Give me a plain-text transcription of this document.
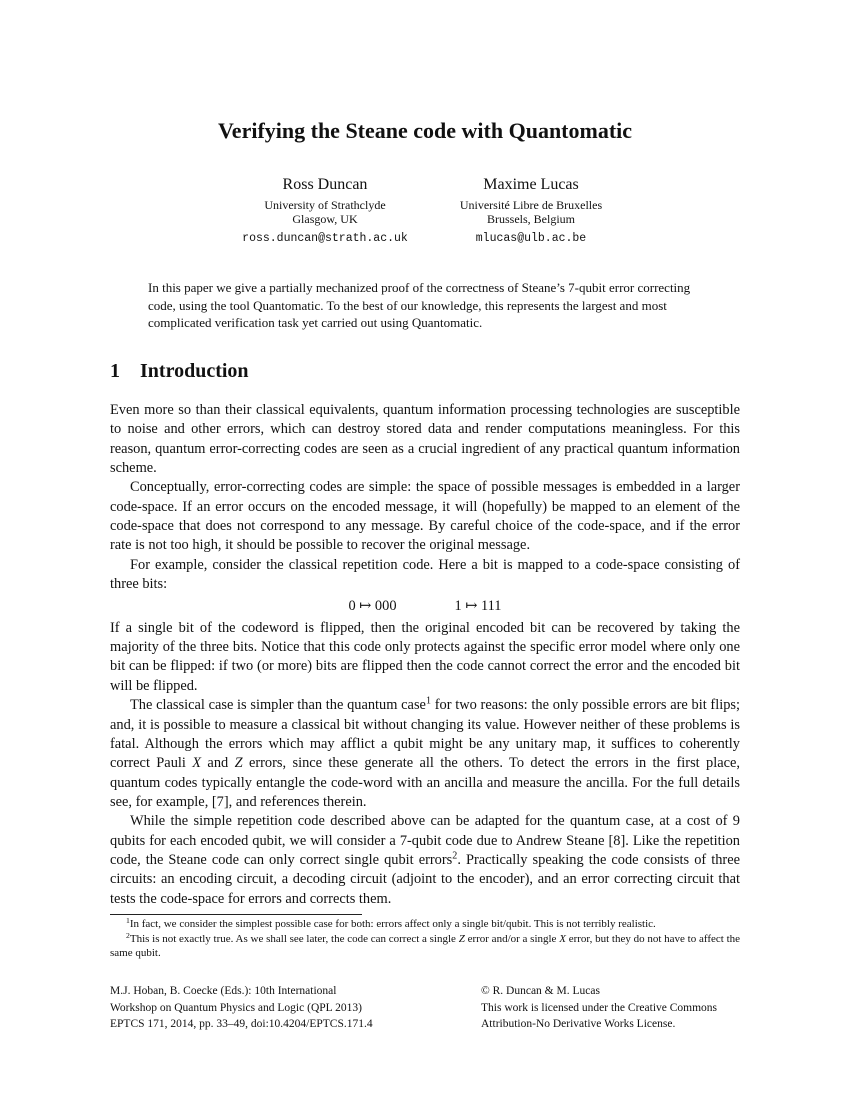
Verifying the Steane code with Quantomatic
Ross Duncan
University of Strathclyde
Glasgow, UK
ross.duncan@strath.ac.uk
Maxime Lucas
Université Libre de Bruxelles
Brussels, Belgium
mlucas@ulb.ac.be

In this paper we give a partially mechanized proof of the correctness of Steane’s 7-qubit error correcting code, using the tool Quantomatic. To the best of our knowledge, this represents the largest and most complicated verification task yet carried out using Quantomatic.

1 Introduction

Even more so than their classical equivalents, quantum information processing technologies are susceptible to noise and other errors, which can destroy stored data and render computations meaningless. For this reason, quantum error-correcting codes are seen as a crucial ingredient of any practical quantum information scheme.

Conceptually, error-correcting codes are simple: the space of possible messages is embedded in a larger code-space. If an error occurs on the encoded message, it will (hopefully) be mapped to an element of the code-space that does not correspond to any message. By careful choice of the code-space, and if the error rate is not too high, it should be possible to recover the original message.

For example, consider the classical repetition code. Here a bit is mapped to a code-space consisting of three bits:

0 ↦ 000	1 ↦ 111

If a single bit of the codeword is flipped, then the original encoded bit can be recovered by taking the majority of the three bits. Notice that this code only protects against the specific error model where only one bit can be flipped: if two (or more) bits are flipped then the code cannot correct the error and the encoded bit will be flipped.

The classical case is simpler than the quantum case$^1$ for two reasons: the only possible errors are bit flips; and, it is possible to measure a classical bit without changing its value. However neither of these problems is fatal. Although the errors which may afflict a qubit might be any unitary map, it suffices to coherently correct Pauli X and Z errors, since these generate all the others. To detect the errors in the first place, quantum codes typically entangle the code-word with an ancilla and measure the ancilla. For the full details see, for example, [7], and references therein.

While the simple repetition code described above can be adapted for the quantum case, at a cost of 9 qubits for each encoded qubit, we will consider a 7-qubit code due to Andrew Steane [8]. Like the repetition code, the Steane code can only correct single qubit errors$^2$. Practically speaking the code consists of three circuits: an encoding circuit, a decoding circuit (adjoint to the encoder), and an error correcting circuit that tests the code-space for errors and corrects them.

$^1$In fact, we consider the simplest possible case for both: errors affect only a single bit/qubit. This is not terribly realistic.

$^2$This is not exactly true. As we shall see later, the code can correct a single Z error and/or a single X error, but they do not have to affect the same qubit.

M.J. Hoban, B. Coecke (Eds.): 10th International
Workshop on Quantum Physics and Logic (QPL 2013)
EPTCS 171, 2014, pp. 33–49, doi:10.4204/EPTCS.171.4
© R. Duncan & M. Lucas
This work is licensed under the Creative Commons
Attribution-No Derivative Works License.
